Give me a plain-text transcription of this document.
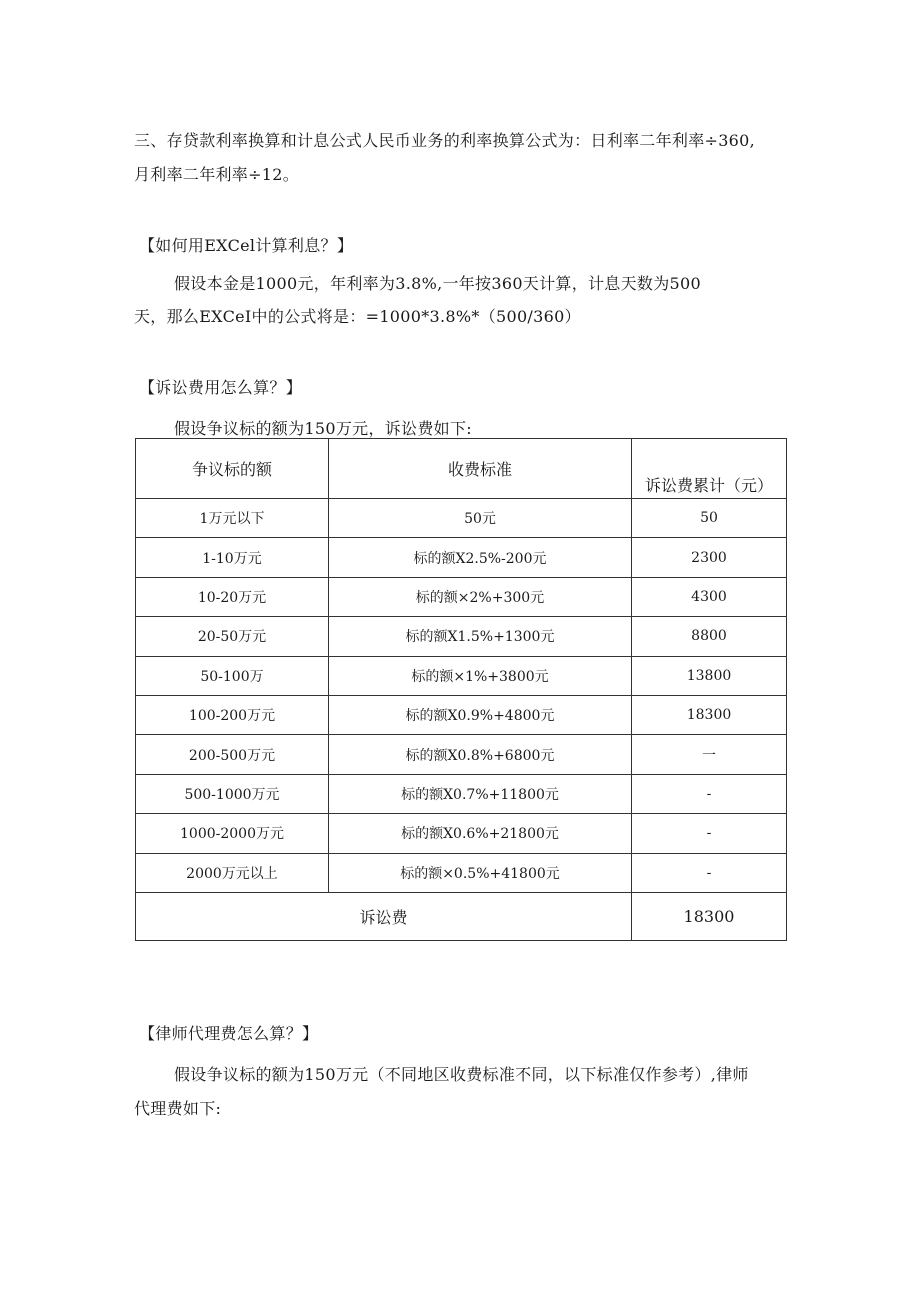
三、存贷款利率换算和计息公式人民币业务的利率换算公式为：日利率二年利率÷360,
月利率二年利率÷12。
【如何用EXCel计算利息？】
假设本金是1000元，年利率为3.8%,一年按360天计算，计息天数为500
天，那么EXCeI中的公式将是：=1000*3.8%*（500/360）
【诉讼费用怎么算？】
假设争议标的额为150万元，诉讼费如下:
争议标的额	收费标准	诉讼费累计（元）
1万元以下	50元	50
1-10万元	标的额X2.5%-200元	2300
10-20万元	标的额×2%+300元	4300
20-50万元	标的额X1.5%+1300元	8800
50-100万	标的额×1%+3800元	13800
100-200万元	标的额X0.9%+4800元	18300
200-500万元	标的额X0.8%+6800元	一
500-1000万元	标的额X0.7%+11800元	-
1000-2000万元	标的额X0.6%+21800元	-
2000万元以上	标的额×0.5%+41800元	-
诉讼费		18300
【律师代理费怎么算？】
假设争议标的额为150万元（不同地区收费标准不同，以下标准仅作参考）,律师
代理费如下:
